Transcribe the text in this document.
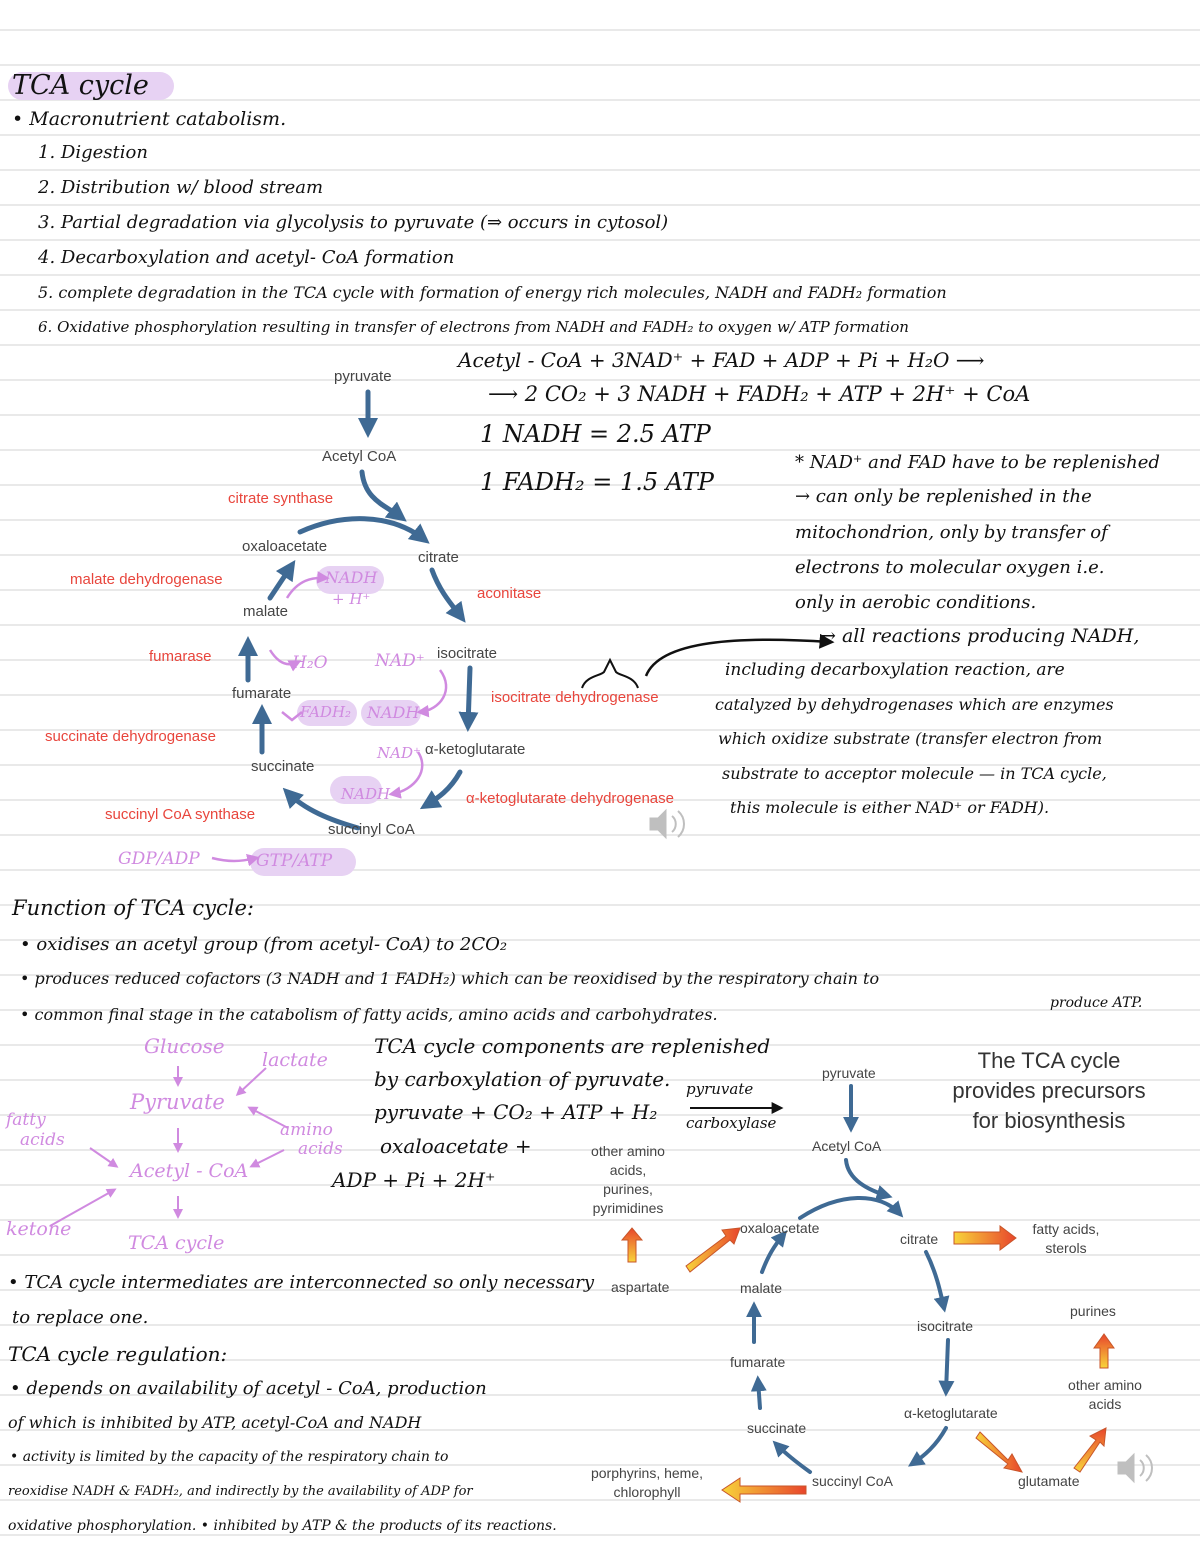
TCA cycle
• Macronutrient catabolism.
1. Digestion
2. Distribution w/ blood stream
3. Partial degradation via glycolysis to pyruvate (⇒ occurs in cytosol)
4. Decarboxylation and acetyl- CoA formation
5. complete degradation in the TCA cycle with formation of energy rich molecules, NADH and FADH₂ formation
6. Oxidative phosphorylation resulting in transfer of electrons from NADH and FADH₂ to oxygen w/ ATP formation
Acetyl - CoA + 3NAD⁺ + FAD + ADP + Pi + H₂O ⟶
⟶ 2 CO₂ + 3 NADH + FADH₂ + ATP + 2H⁺ + CoA
1 NADH = 2.5 ATP
1 FADH₂ = 1.5 ATP
* NAD⁺ and FAD have to be replenished
→ can only be replenished in the
mitochondrion, only by transfer of
electrons to molecular oxygen i.e.
only in aerobic conditions.
→ all reactions producing NADH,
including decarboxylation reaction, are
catalyzed by dehydrogenases which are enzymes
which oxidize substrate (transfer electron from
substrate to acceptor molecule — in TCA cycle,
this molecule is either NAD⁺ or FADH).
pyruvate
Acetyl CoA
citrate synthase
oxaloacetate
citrate
malate dehydrogenase
malate
aconitase
fumarase	isocitrate
fumarate	isocitrate dehydrogenase
succinate dehydrogenase
α-ketoglutarate
succinate
α-ketoglutarate dehydrogenase
succinyl CoA synthase
succinyl CoA
NADH
+ H⁺
H₂O	NAD⁺
FADH₂ NADH
NAD⁺
NADH
GDP/ADP	GTP/ATP
Function of TCA cycle:
• oxidises an acetyl group (from acetyl- CoA) to 2CO₂
• produces reduced cofactors (3 NADH and 1 FADH₂) which can be reoxidised by the respiratory chain to
produce ATP.
• common final stage in the catabolism of fatty acids, amino acids and carbohydrates.
Glucose
lactate
Pyruvate
amino
acids
fatty
acids
Acetyl - CoA
ketone
TCA cycle
TCA cycle components are replenished
by carboxylation of pyruvate.
pyruvate + CO₂ + ATP + H₂
oxaloacetate +
ADP + Pi + 2H⁺
pyruvate
carboxylase
• TCA cycle intermediates are interconnected so only necessary
to replace one.
TCA cycle regulation:
• depends on availability of acetyl - CoA, production
of which is inhibited by ATP, acetyl-CoA and NADH
• activity is limited by the capacity of the respiratory chain to
reoxidise NADH & FADH₂, and indirectly by the availability of ADP for
oxidative phosphorylation. • inhibited by ATP & the products of its reactions.
The TCA cycle
provides precursors
for biosynthesis
pyruvate
Acetyl CoA
oxaloacetate
citrate
malate
isocitrate
fumarate
α-ketoglutarate
succinate
succinyl CoA
other amino
acids,
purines,
pyrimidines
aspartate
fatty acids,
sterols
purines
other amino
acids
glutamate
porphyrins, heme,
chlorophyll
